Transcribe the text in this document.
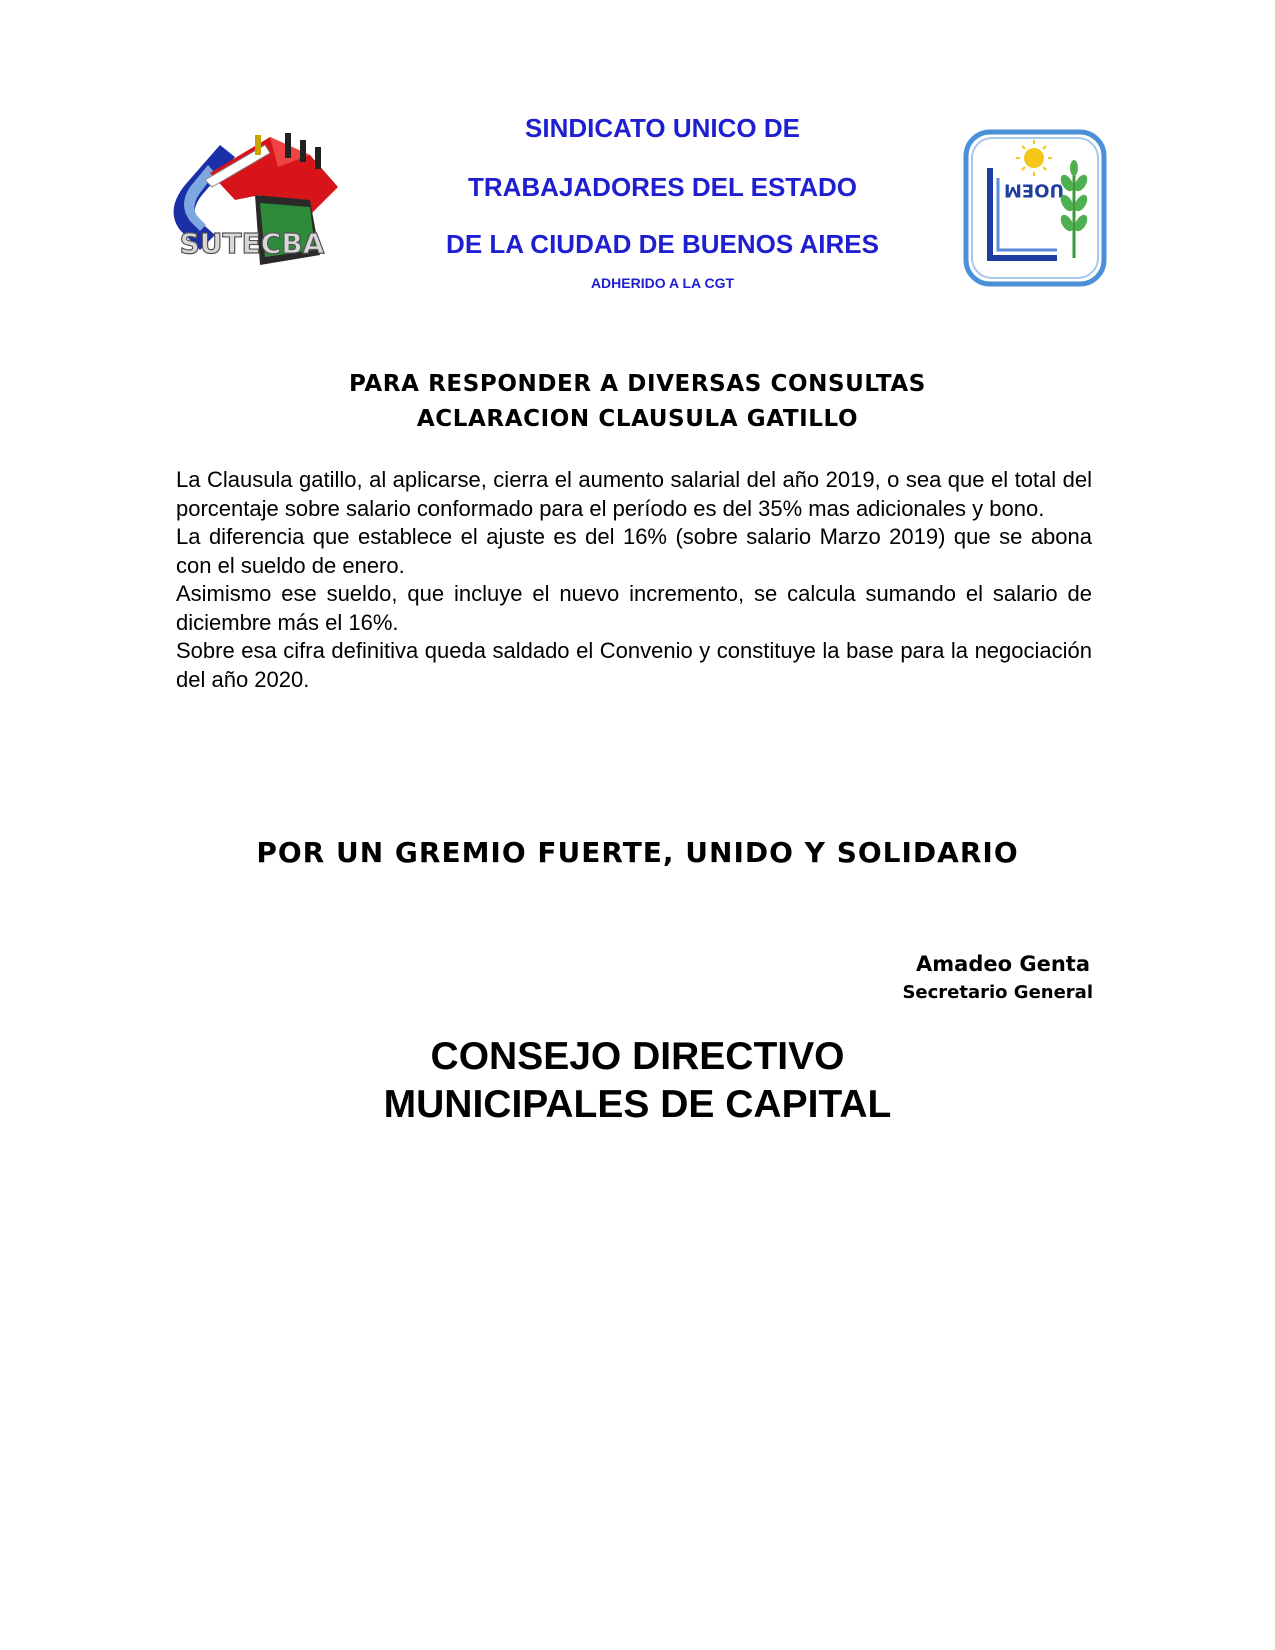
SUTECBA
SINDICATO UNICO DE
TRABAJADORES DEL ESTADO
DE LA CIUDAD DE BUENOS AIRES
ADHERIDO A LA CGT
UOEM
PARA RESPONDER A DIVERSAS CONSULTAS
ACLARACION CLAUSULA GATILLO

La Clausula gatillo, al aplicarse, cierra el aumento salarial del año 2019, o sea que el total del porcentaje sobre salario conformado para el período es del 35% mas adicionales y bono.

La diferencia que establece el ajuste es del 16% (sobre salario Marzo 2019) que se abona con el sueldo de enero.

Asimismo ese sueldo, que incluye el nuevo incremento, se calcula sumando el salario de diciembre más el 16%.

Sobre esa cifra definitiva queda saldado el Convenio y constituye la base para la negociación del año 2020.

POR UN GREMIO FUERTE, UNIDO Y SOLIDARIO
Amadeo Genta
Secretario General
CONSEJO DIRECTIVO
MUNICIPALES DE CAPITAL
